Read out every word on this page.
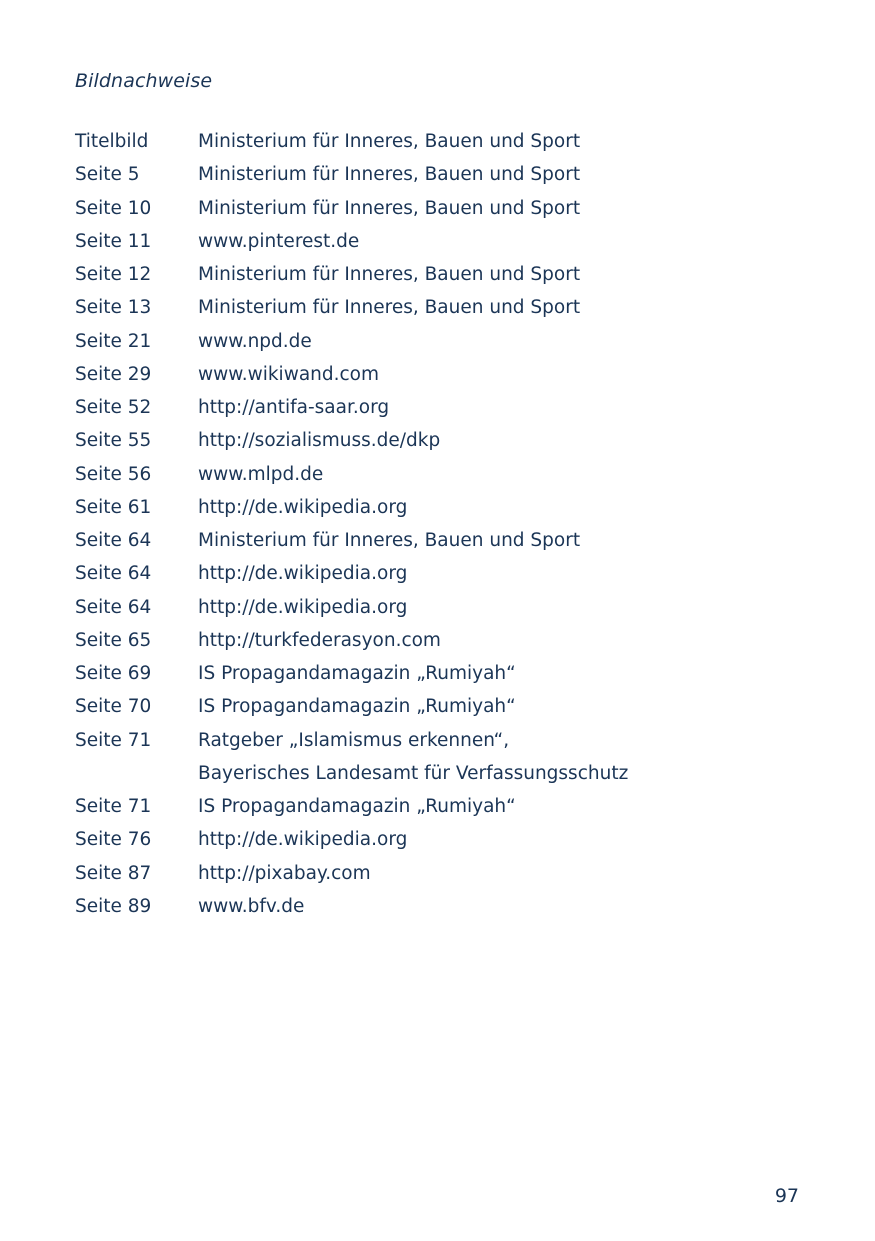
Bildnachweise
Titelbild	Ministerium für Inneres, Bauen und Sport
Seite 5	Ministerium für Inneres, Bauen und Sport
Seite 10	Ministerium für Inneres, Bauen und Sport
Seite 11	www.pinterest.de
Seite 12	Ministerium für Inneres, Bauen und Sport
Seite 13	Ministerium für Inneres, Bauen und Sport
Seite 21	www.npd.de
Seite 29	www.wikiwand.com
Seite 52	http://antifa-saar.org
Seite 55	http://sozialismuss.de/dkp
Seite 56	www.mlpd.de
Seite 61	http://de.wikipedia.org
Seite 64	Ministerium für Inneres, Bauen und Sport
Seite 64	http://de.wikipedia.org
Seite 64	http://de.wikipedia.org
Seite 65	http://turkfederasyon.com
Seite 69	IS Propagandamagazin „Rumiyah“
Seite 70	IS Propagandamagazin „Rumiyah“
Seite 71	Ratgeber „Islamismus erkennen“,
Bayerisches Landesamt für Verfassungsschutz
Seite 71	IS Propagandamagazin „Rumiyah“
Seite 76	http://de.wikipedia.org
Seite 87	http://pixabay.com
Seite 89	www.bfv.de
97
